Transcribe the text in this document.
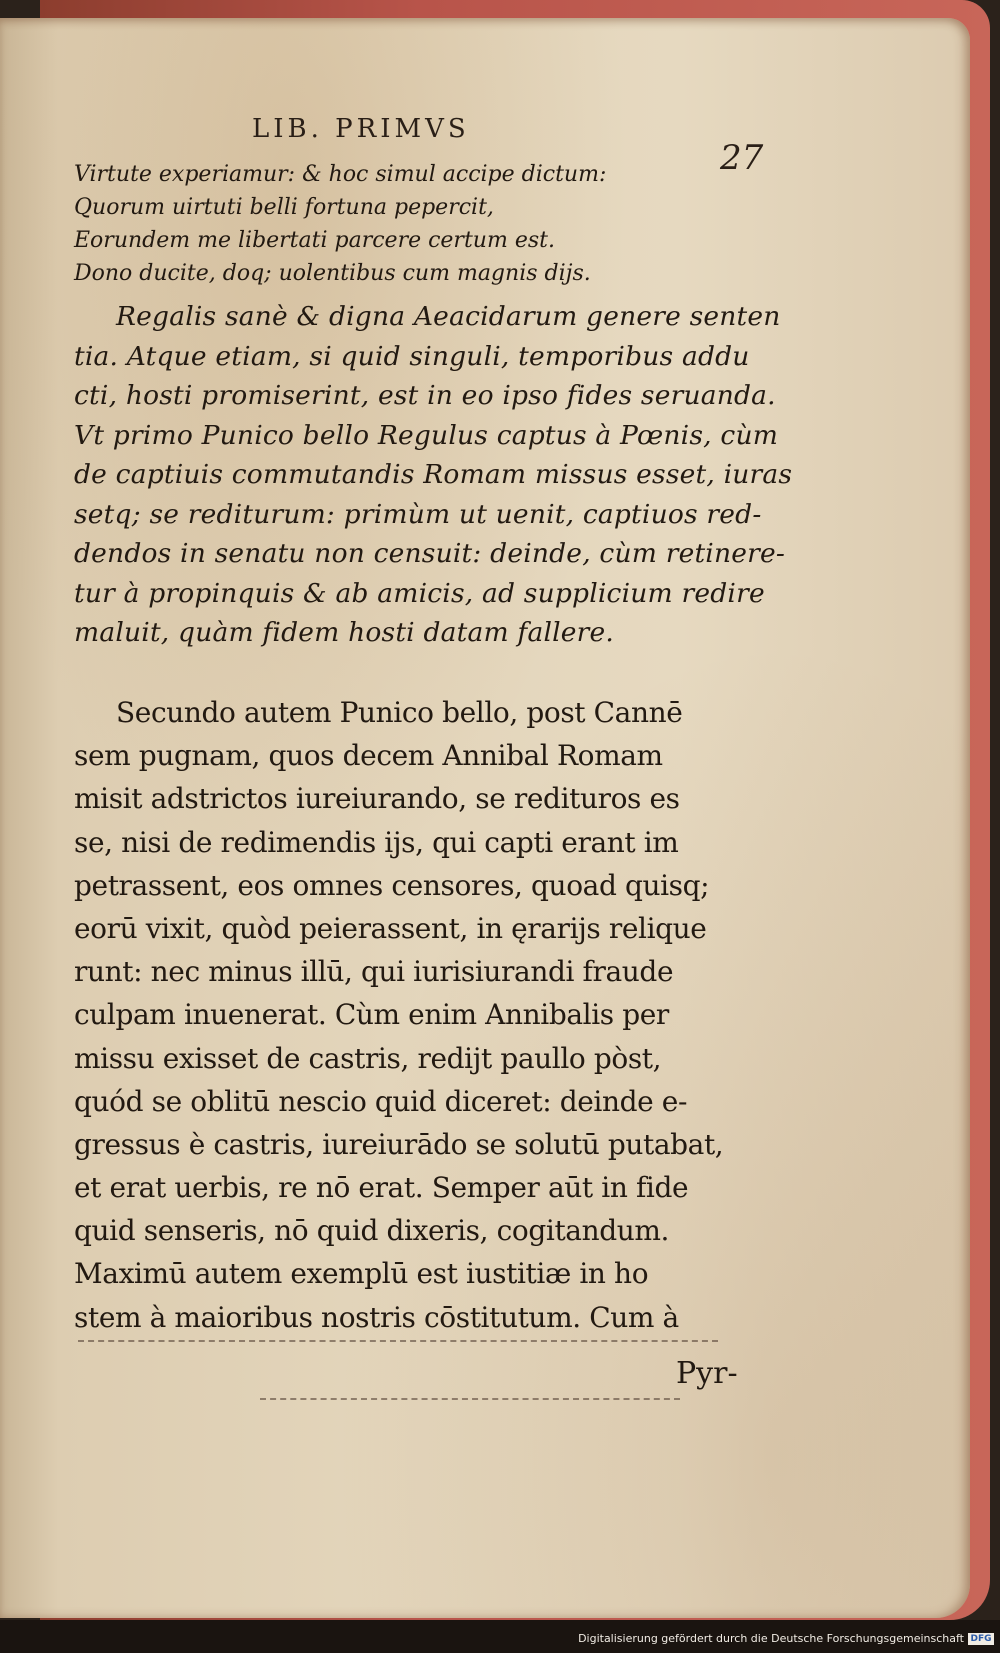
LIB. PRIMVS
27
Virtute experiamur: & hoc simul accipe dictum:
Quorum uirtuti belli fortuna pepercit,
Eorundem me libertati parcere certum est.
Dono ducite, doq; uolentibus cum magnis dijs.
Regalis sanè & digna Aeacidarum genere senten
tia. Atque etiam, si quid singuli, temporibus addu
cti, hosti promiserint, est in eo ipso fides seruanda.
Vt primo Punico bello Regulus captus à Pœnis, cùm
de captiuis commutandis Romam missus esset, iuras
setq; se rediturum: primùm ut uenit, captiuos red-
dendos in senatu non censuit: deinde, cùm retinere-
tur à propinquis & ab amicis, ad supplicium redire
maluit, quàm fidem hosti datam fallere.
Secundo autem Punico bello, post Cannē
sem pugnam, quos decem Annibal Romam
misit adstrictos iureiurando, se redituros es
se, nisi de redimendis ijs, qui capti erant im
petrassent, eos omnes censores, quoad quisq;
eorū vixit, quòd peierassent, in ęrarijs relique
runt: nec minus illū, qui iurisiurandi fraude
culpam inuenerat. Cùm enim Annibalis per
missu exisset de castris, redijt paullo pòst,
quód se oblitū nescio quid diceret: deinde e-
gressus è castris, iureiurādo se solutū putabat,
et erat uerbis, re nō erat. Semper aūt in fide
quid senseris, nō quid dixeris, cogitandum.
Maximū autem exemplū est iustitiæ in ho
stem à maioribus nostris cōstitutum. Cum à
Pyr-
Digitalisierung gefördert durch die Deutsche Forschungsgemeinschaft DFG
